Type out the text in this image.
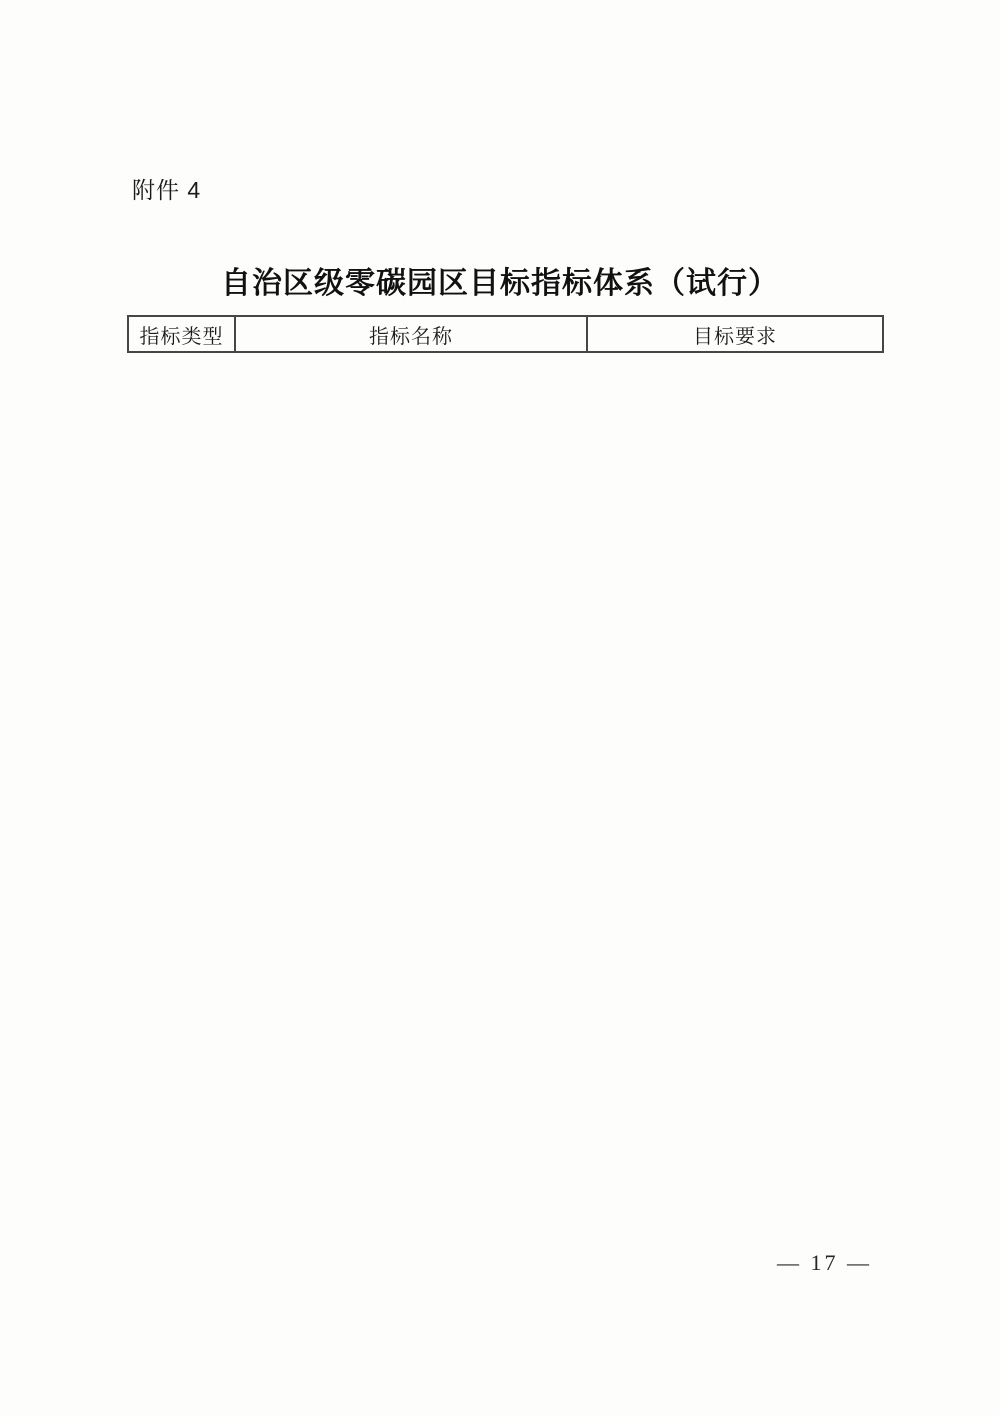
附件 4
自治区级零碳园区目标指标体系（试行）
指标类型	指标名称	目标要求
— 17 —
